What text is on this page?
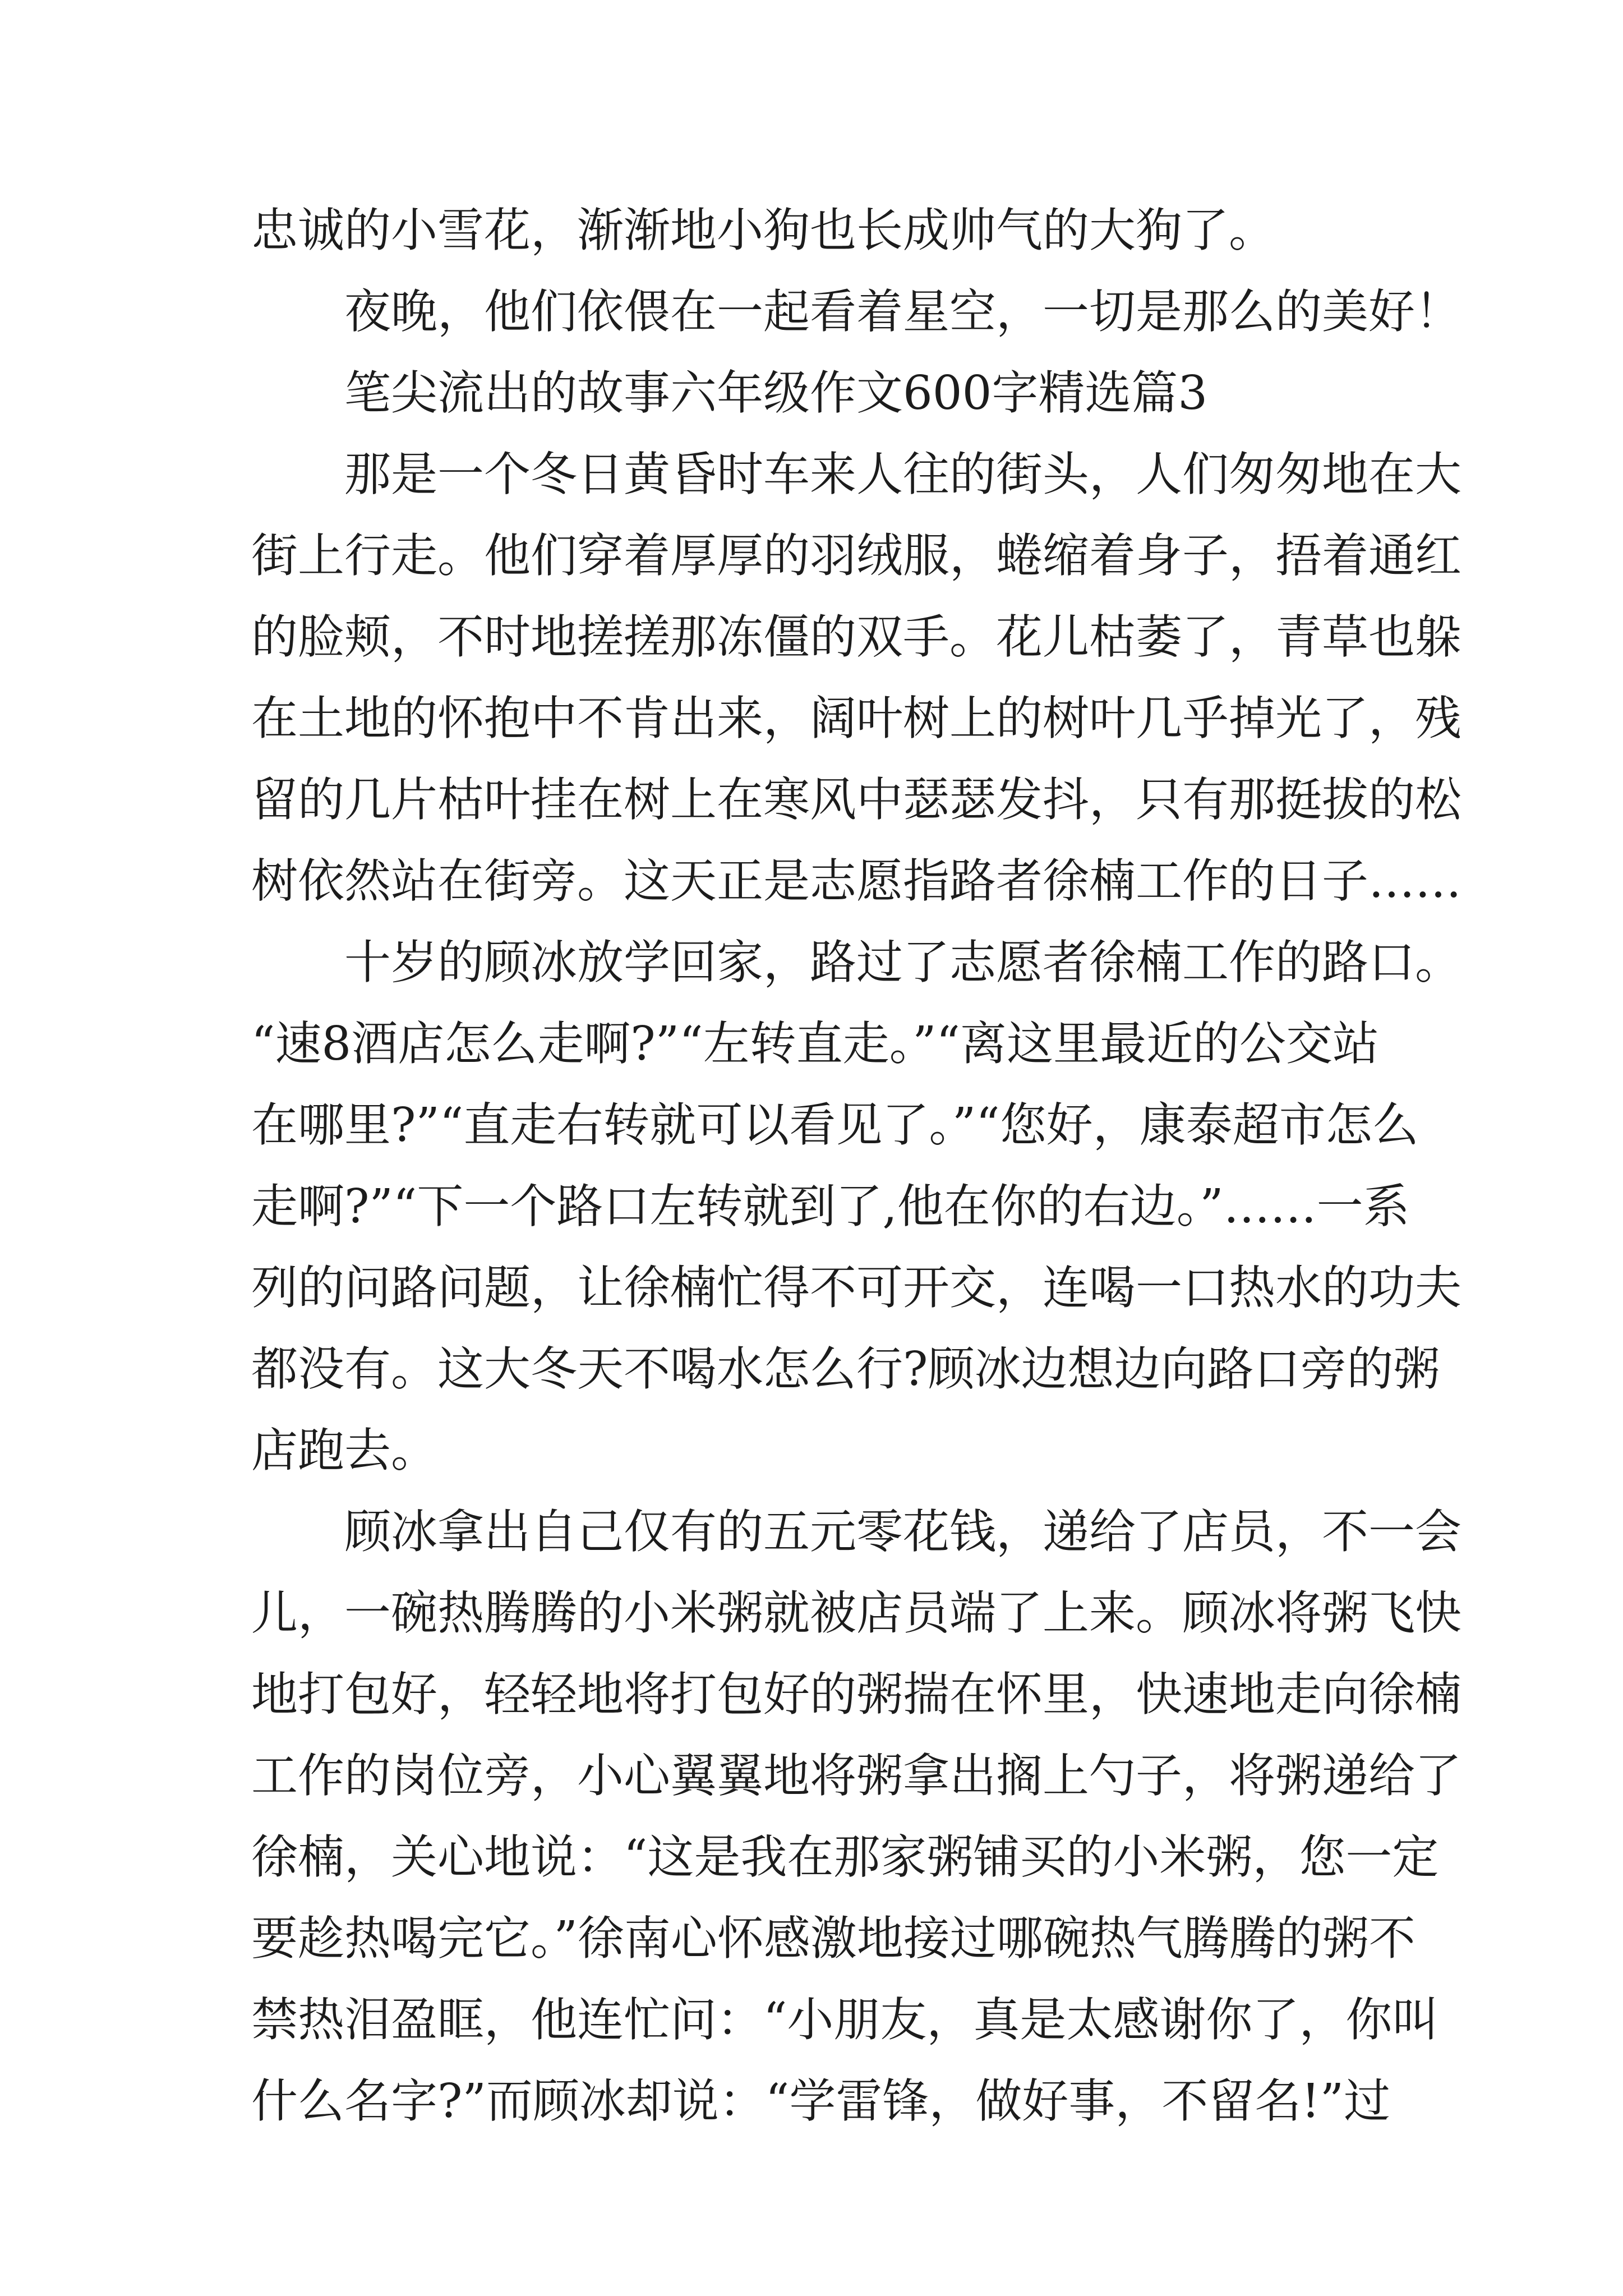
忠诚的小雪花，渐渐地小狗也长成帅气的大狗了。
夜晚，他们依偎在一起看着星空，一切是那么的美好！
笔尖流出的故事六年级作文600字精选篇3
那是一个冬日黄昏时车来人往的街头，人们匆匆地在大
街上行走。他们穿着厚厚的羽绒服，蜷缩着身子，捂着通红
的脸颊，不时地搓搓那冻僵的双手。花儿枯萎了，青草也躲
在土地的怀抱中不肯出来，阔叶树上的树叶几乎掉光了，残
留的几片枯叶挂在树上在寒风中瑟瑟发抖，只有那挺拔的松
树依然站在街旁。这天正是志愿指路者徐楠工作的日子……
十岁的顾冰放学回家，路过了志愿者徐楠工作的路口。
“速8酒店怎么走啊?”“左转直走。”“离这里最近的公交站
在哪里?”“直走右转就可以看见了。”“您好，康泰超市怎么
走啊?”“下一个路口左转就到了,他在你的右边。”……一系
列的问路问题，让徐楠忙得不可开交，连喝一口热水的功夫
都没有。这大冬天不喝水怎么行?顾冰边想边向路口旁的粥
店跑去。
顾冰拿出自己仅有的五元零花钱，递给了店员，不一会
儿，一碗热腾腾的小米粥就被店员端了上来。顾冰将粥飞快
地打包好，轻轻地将打包好的粥揣在怀里，快速地走向徐楠
工作的岗位旁，小心翼翼地将粥拿出搁上勺子，将粥递给了
徐楠，关心地说：“这是我在那家粥铺买的小米粥，您一定
要趁热喝完它。”徐南心怀感激地接过哪碗热气腾腾的粥不
禁热泪盈眶，他连忙问：“小朋友，真是太感谢你了，你叫
什么名字?”而顾冰却说：“学雷锋，做好事，不留名!”过
